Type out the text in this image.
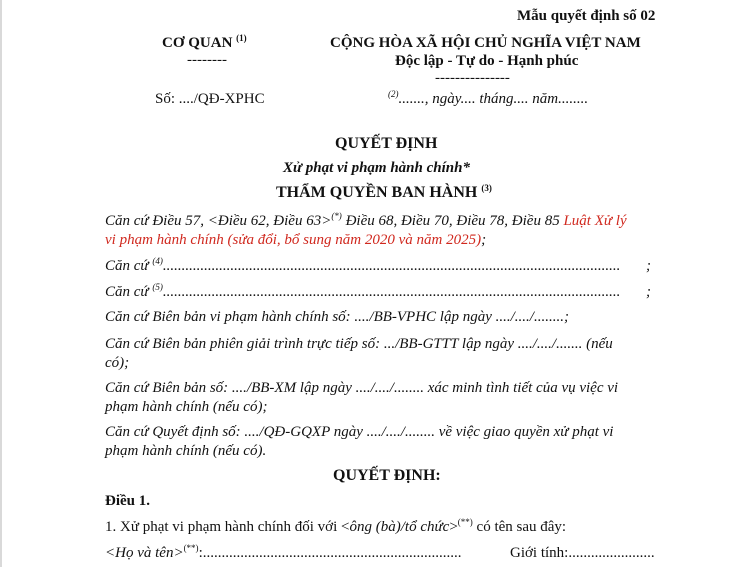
Mẫu quyết định số 02
CƠ QUAN $^{(1)}$
--------
CỘNG HÒA XÃ HỘI CHỦ NGHĨA VIỆT NAM
Độc lập - Tự do - Hạnh phúc
---------------
Số: ..../QĐ-XPHC	$^{(2)}$......., ngày.... tháng.... năm........
QUYẾT ĐỊNH
Xử phạt vi phạm hành chính*
THẨM QUYỀN BAN HÀNH $^{(3)}$
Căn cứ Điều 57, <Điều 62, Điều 63>(*) Điều 68, Điều 70, Điều 78, Điều 85 Luật Xử lý
vi phạm hành chính (sửa đổi, bổ sung năm 2020 và năm 2025);
Căn cứ $^{(4)}$.......................................................................................................................... ;
Căn cứ $^{(5)}$.......................................................................................................................... ;
Căn cứ Biên bản vi phạm hành chính số: ..../BB-VPHC lập ngày ..../..../........;
Căn cứ Biên bản phiên giải trình trực tiếp số: .../BB-GTTT lập ngày ..../..../....... (nếu
có);
Căn cứ Biên bản số: ..../BB-XM lập ngày ..../..../........ xác minh tình tiết của vụ việc vi
phạm hành chính (nếu có);
Căn cứ Quyết định số: ..../QĐ-GQXP ngày ..../..../........ về việc giao quyền xử phạt vi
phạm hành chính (nếu có).
QUYẾT ĐỊNH:
Điều 1.
1. Xử phạt vi phạm hành chính đối với <ông (bà)/tổ chức>(**) có tên sau đây:
<Họ và tên>(**):.....................................................................	Giới tính:.......................
